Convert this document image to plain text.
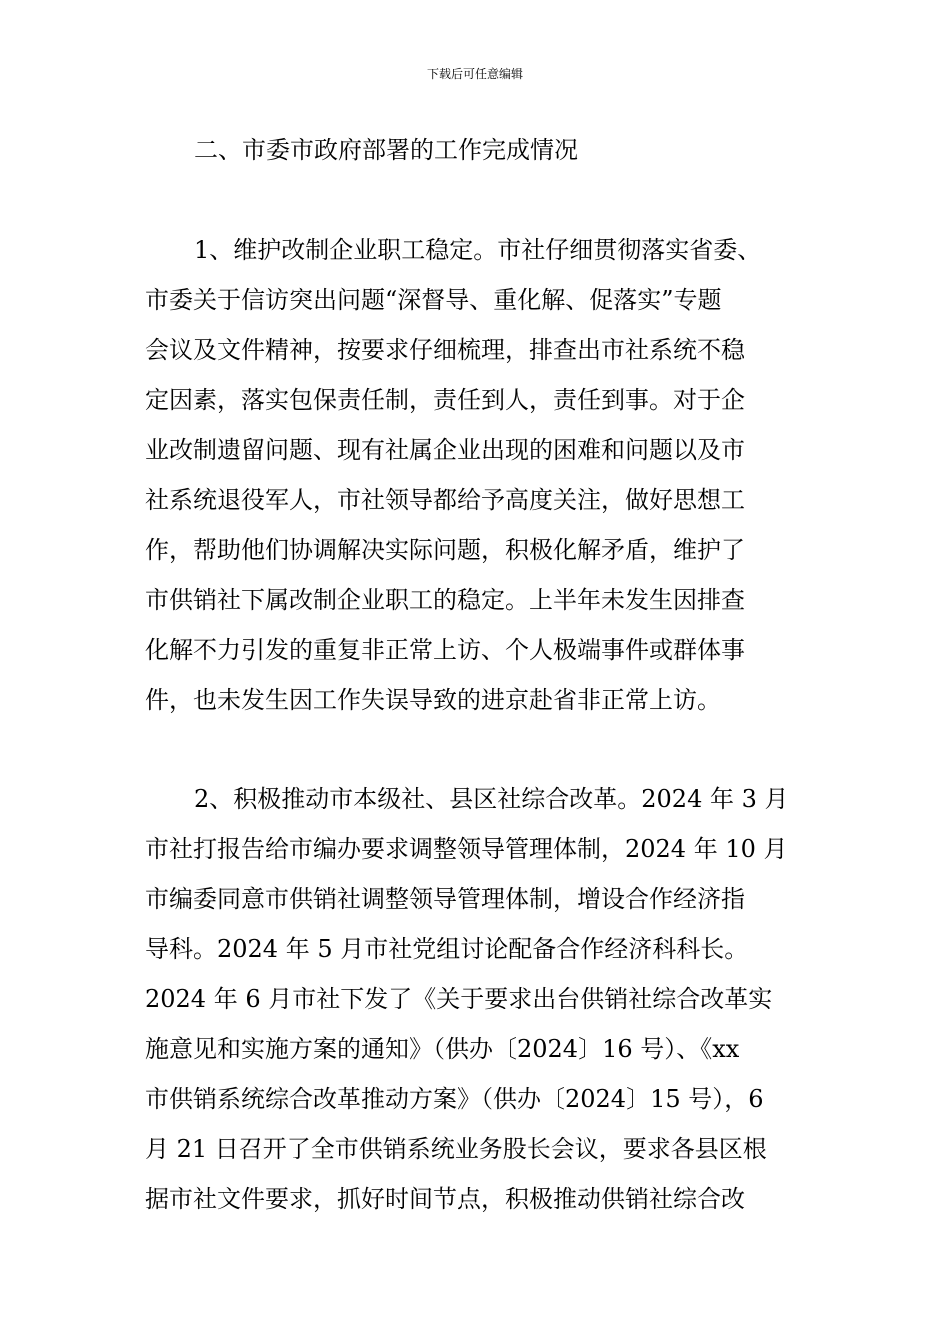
下载后可任意编辑
二、市委市政府部署的工作完成情况
1、维护改制企业职工稳定。市社仔细贯彻落实省委、
市委关于信访突出问题“深督导、重化解、促落实”专题
会议及文件精神，按要求仔细梳理，排查出市社系统不稳
定因素，落实包保责任制，责任到人，责任到事。对于企
业改制遗留问题、现有社属企业出现的困难和问题以及市
社系统退役军人，市社领导都给予高度关注，做好思想工
作，帮助他们协调解决实际问题，积极化解矛盾，维护了
市供销社下属改制企业职工的稳定。上半年未发生因排查
化解不力引发的重复非正常上访、个人极端事件或群体事
件，也未发生因工作失误导致的进京赴省非正常上访。
2、积极推动市本级社、县区社综合改革。2024 年 3 月
市社打报告给市编办要求调整领导管理体制，2024 年 10 月
市编委同意市供销社调整领导管理体制，增设合作经济指
导科。2024 年 5 月市社党组讨论配备合作经济科科长。
2024 年 6 月市社下发了《关于要求出台供销社综合改革实
施意见和实施方案的通知》（供办〔2024〕16 号）、《xx
市供销系统综合改革推动方案》（供办〔2024〕15 号），6
月 21 日召开了全市供销系统业务股长会议，要求各县区根
据市社文件要求，抓好时间节点，积极推动供销社综合改
